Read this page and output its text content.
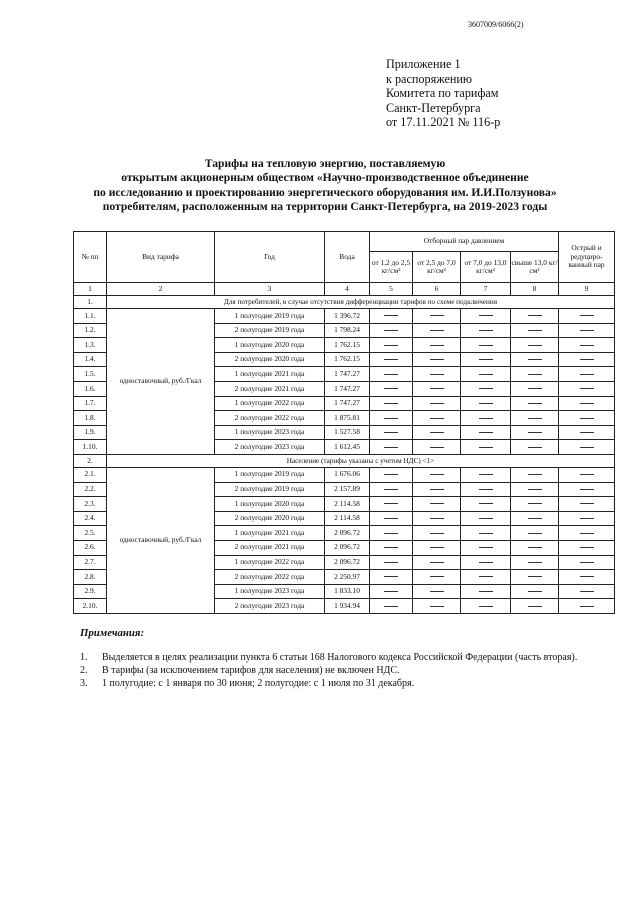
3607009/6066(2)
Приложение 1
к распоряжению
Комитета по тарифам
Санкт-Петербурга
от 17.11.2021 № 116-р
Тарифы на тепловую энергию, поставляемую
открытым акционерным обществом «Научно-производственное объединение
по исследованию и проектированию энергетического оборудования им. И.И.Ползунова»
потребителям, расположенным на территории Санкт-Петербурга, на 2019-2023 годы
№ пп	Вид тарифа	Год	Вода	Отборный пар давлением				Острый и редуциро-ванный пар
				от 1,2 до 2,5 кг/см²	от 2,5 до 7,0 кг/см²	от 7,0 до 13,0 кг/см²	свыше 13,0 кг/см²	
1	2	3	4	5	6	7	8	9
1.	Для потребителей, в случае отсутствия дифференциации тарифов по схеме подключения							
1.1.	одноставочный, руб./Гкал	1 полугодие 2019 года	1 396.72					
1.2.		2 полугодие 2019 года	1 798.24					
1.3.		1 полугодие 2020 года	1 762.15					
1.4.		2 полугодие 2020 года	1 762.15					
1.5.		1 полугодие 2021 года	1 747.27					
1.6.		2 полугодие 2021 года	1 747.27					
1.7.		1 полугодие 2022 года	1 747.27					
1.8.		2 полугодие 2022 года	1 875.81					
1.9.		1 полугодие 2023 года	1 527.58					
1.10.		2 полугодие 2023 года	1 612.45					
2.	Население (тарифы указаны с учетом НДС) <1>							
2.1.	одноставочный, руб./Гкал	1 полугодие 2019 года	1 676.06					
2.2.		2 полугодие 2019 года	2 157.89					
2.3.		1 полугодие 2020 года	2 114.58					
2.4.		2 полугодие 2020 года	2 114.58					
2.5.		1 полугодие 2021 года	2 096.72					
2.6.		2 полугодие 2021 года	2 096.72					
2.7.		1 полугодие 2022 года	2 096.72					
2.8.		2 полугодие 2022 года	2 250.97					
2.9.		1 полугодие 2023 года	1 833.10					
2.10.		2 полугодие 2023 года	1 934.94					
Примечания:
1.	Выделяется в целях реализации пункта 6 статьи 168 Налогового кодекса Российской Федерации (часть вторая).
2.	В тарифы (за исключением тарифов для населения) не включен НДС.
3.	1 полугодие: с 1 января по 30 июня; 2 полугодие: с 1 июля по 31 декабря.
